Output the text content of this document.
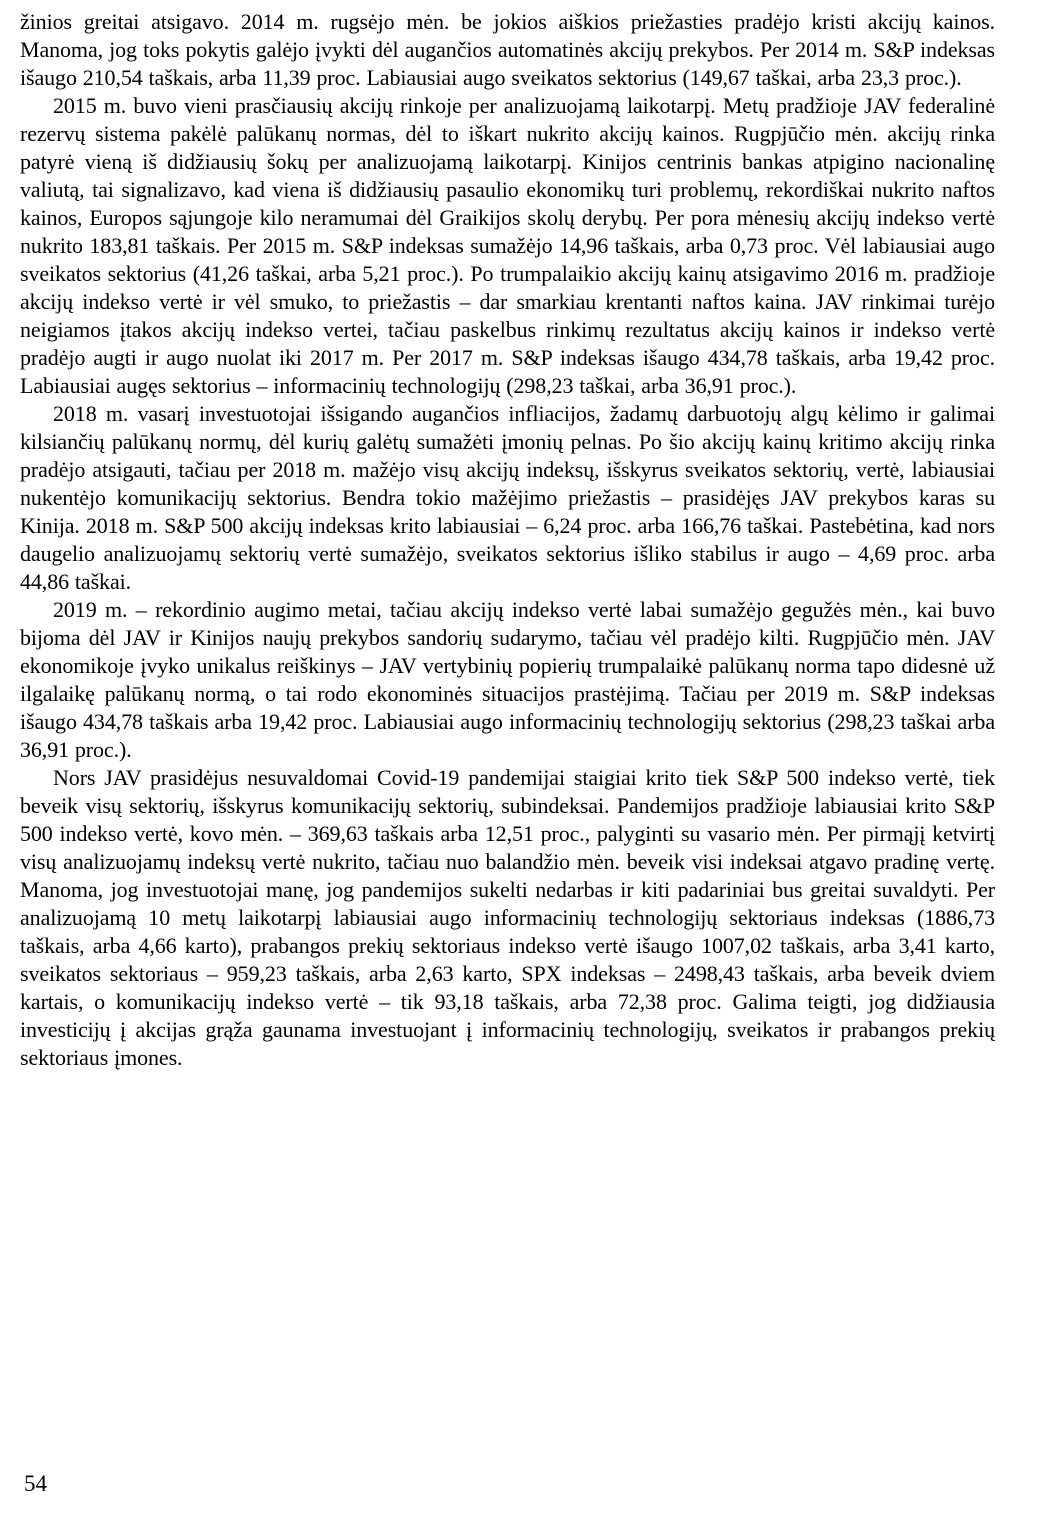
žinios greitai atsigavo. 2014 m. rugsėjo mėn. be jokios aiškios priežasties pradėjo kristi akcijų kainos. Manoma, jog toks pokytis galėjo įvykti dėl augančios automatinės akcijų prekybos. Per 2014 m. S&P indeksas išaugo 210,54 taškais, arba 11,39 proc. Labiausiai augo sveikatos sektorius (149,67 taškai, arba 23,3 proc.).

2015 m. buvo vieni prasčiausių akcijų rinkoje per analizuojamą laikotarpį. Metų pradžioje JAV federalinė rezervų sistema pakėlė palūkanų normas, dėl to iškart nukrito akcijų kainos. Rugpjūčio mėn. akcijų rinka patyrė vieną iš didžiausių šokų per analizuojamą laikotarpį. Kinijos centrinis bankas atpigino nacionalinę valiutą, tai signalizavo, kad viena iš didžiausių pasaulio ekonomikų turi problemų, rekordiškai nukrito naftos kainos, Europos sąjungoje kilo neramumai dėl Graikijos skolų derybų. Per pora mėnesių akcijų indekso vertė nukrito 183,81 taškais. Per 2015 m. S&P indeksas sumažėjo 14,96 taškais, arba 0,73 proc. Vėl labiausiai augo sveikatos sektorius (41,26 taškai, arba 5,21 proc.). Po trumpalaikio akcijų kainų atsigavimo 2016 m. pradžioje akcijų indekso vertė ir vėl smuko, to priežastis – dar smarkiau krentanti naftos kaina. JAV rinkimai turėjo neigiamos įtakos akcijų indekso vertei, tačiau paskelbus rinkimų rezultatus akcijų kainos ir indekso vertė pradėjo augti ir augo nuolat iki 2017 m. Per 2017 m. S&P indeksas išaugo 434,78 taškais, arba 19,42 proc. Labiausiai augęs sektorius – informacinių technologijų (298,23 taškai, arba 36,91 proc.).

2018 m. vasarį investuotojai išsigando augančios infliacijos, žadamų darbuotojų algų kėlimo ir galimai kilsiančių palūkanų normų, dėl kurių galėtų sumažėti įmonių pelnas. Po šio akcijų kainų kritimo akcijų rinka pradėjo atsigauti, tačiau per 2018 m. mažėjo visų akcijų indeksų, išskyrus sveikatos sektorių, vertė, labiausiai nukentėjo komunikacijų sektorius. Bendra tokio mažėjimo priežastis – prasidėjęs JAV prekybos karas su Kinija. 2018 m. S&P 500 akcijų indeksas krito labiausiai – 6,24 proc. arba 166,76 taškai. Pastebėtina, kad nors daugelio analizuojamų sektorių vertė sumažėjo, sveikatos sektorius išliko stabilus ir augo – 4,69 proc. arba 44,86 taškai.

2019 m. – rekordinio augimo metai, tačiau akcijų indekso vertė labai sumažėjo gegužės mėn., kai buvo bijoma dėl JAV ir Kinijos naujų prekybos sandorių sudarymo, tačiau vėl pradėjo kilti. Rugpjūčio mėn. JAV ekonomikoje įvyko unikalus reiškinys – JAV vertybinių popierių trumpalaikė palūkanų norma tapo didesnė už ilgalaikę palūkanų normą, o tai rodo ekonominės situacijos prastėjimą. Tačiau per 2019 m. S&P indeksas išaugo 434,78 taškais arba 19,42 proc. Labiausiai augo informacinių technologijų sektorius (298,23 taškai arba 36,91 proc.).

Nors JAV prasidėjus nesuvaldomai Covid-19 pandemijai staigiai krito tiek S&P 500 indekso vertė, tiek beveik visų sektorių, išskyrus komunikacijų sektorių, subindeksai. Pandemijos pradžioje labiausiai krito S&P 500 indekso vertė, kovo mėn. – 369,63 taškais arba 12,51 proc., palyginti su vasario mėn. Per pirmąjį ketvirtį visų analizuojamų indeksų vertė nukrito, tačiau nuo balandžio mėn. beveik visi indeksai atgavo pradinę vertę. Manoma, jog investuotojai manę, jog pandemijos sukelti nedarbas ir kiti padariniai bus greitai suvaldyti. Per analizuojamą 10 metų laikotarpį labiausiai augo informacinių technologijų sektoriaus indeksas (1886,73 taškais, arba 4,66 karto), prabangos prekių sektoriaus indekso vertė išaugo 1007,02 taškais, arba 3,41 karto, sveikatos sektoriaus – 959,23 taškais, arba 2,63 karto, SPX indeksas – 2498,43 taškais, arba beveik dviem kartais, o komunikacijų indekso vertė – tik 93,18 taškais, arba 72,38 proc. Galima teigti, jog didžiausia investicijų į akcijas grąža gaunama investuojant į informacinių technologijų, sveikatos ir prabangos prekių sektoriaus įmones.

54
